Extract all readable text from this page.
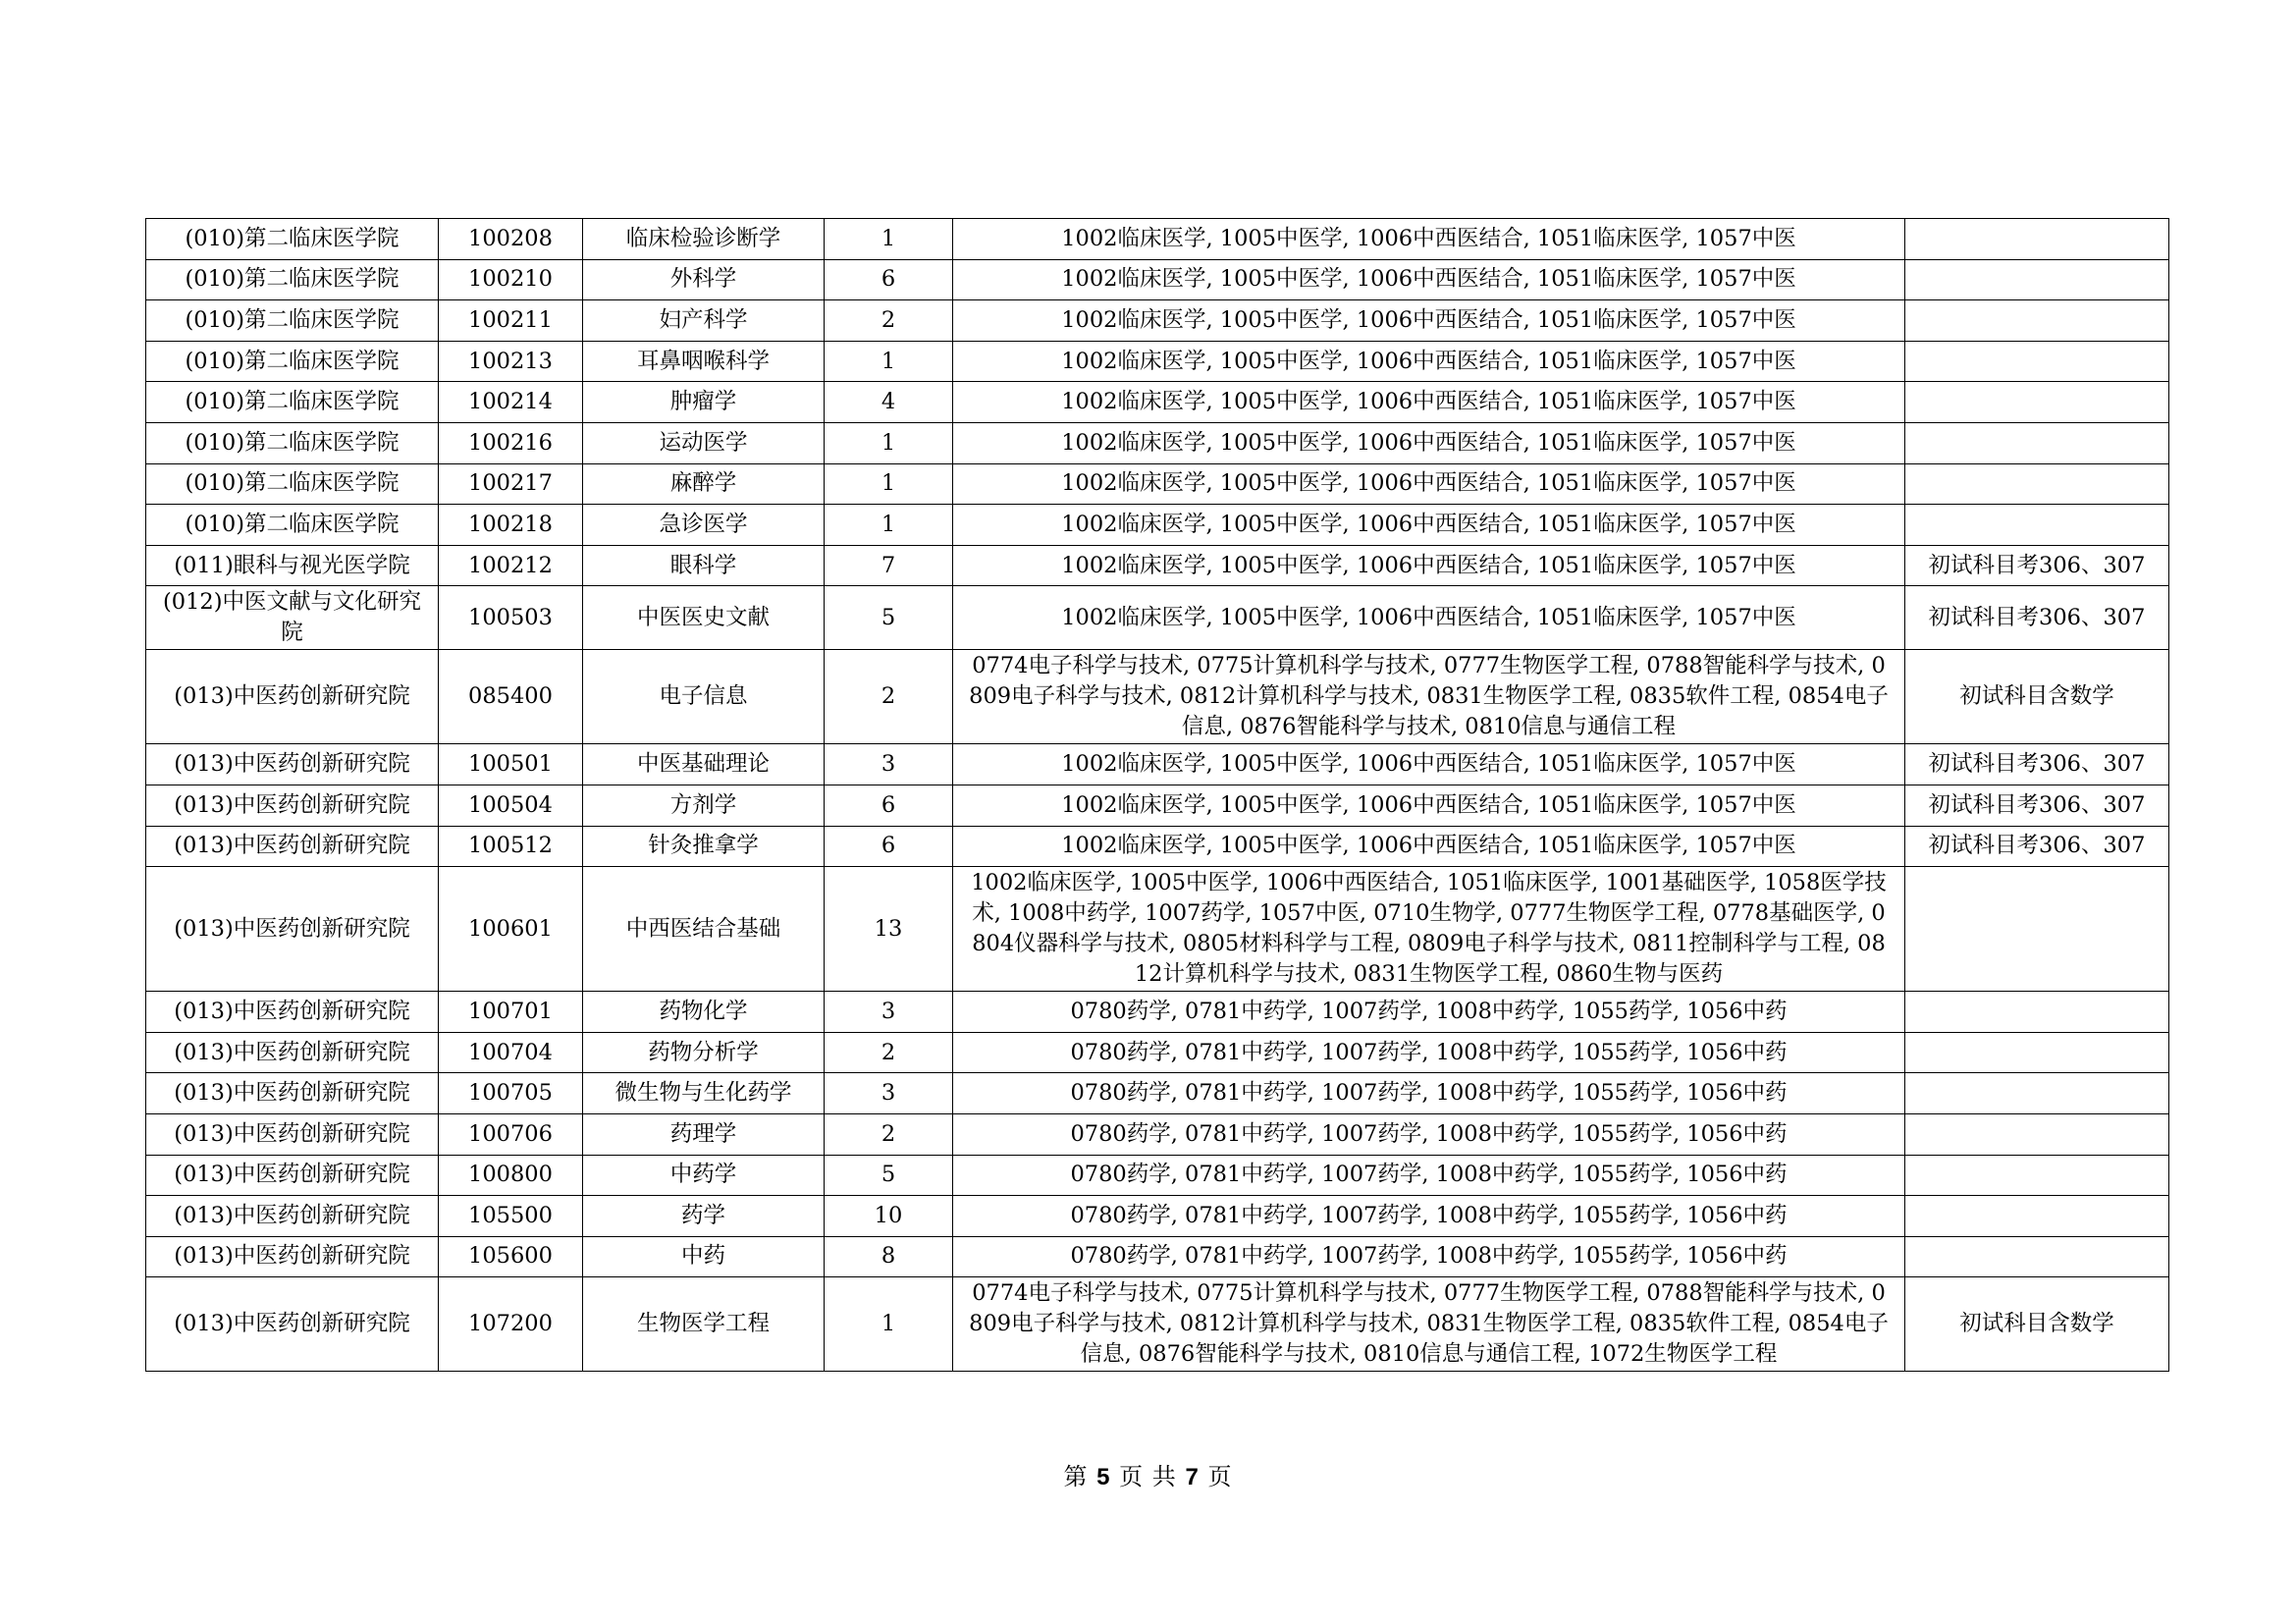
(010)第二临床医学院	100208	临床检验诊断学	1	1002临床医学, 1005中医学, 1006中西医结合, 1051临床医学, 1057中医	
(010)第二临床医学院	100210	外科学	6	1002临床医学, 1005中医学, 1006中西医结合, 1051临床医学, 1057中医	
(010)第二临床医学院	100211	妇产科学	2	1002临床医学, 1005中医学, 1006中西医结合, 1051临床医学, 1057中医	
(010)第二临床医学院	100213	耳鼻咽喉科学	1	1002临床医学, 1005中医学, 1006中西医结合, 1051临床医学, 1057中医	
(010)第二临床医学院	100214	肿瘤学	4	1002临床医学, 1005中医学, 1006中西医结合, 1051临床医学, 1057中医	
(010)第二临床医学院	100216	运动医学	1	1002临床医学, 1005中医学, 1006中西医结合, 1051临床医学, 1057中医	
(010)第二临床医学院	100217	麻醉学	1	1002临床医学, 1005中医学, 1006中西医结合, 1051临床医学, 1057中医	
(010)第二临床医学院	100218	急诊医学	1	1002临床医学, 1005中医学, 1006中西医结合, 1051临床医学, 1057中医	
(011)眼科与视光医学院	100212	眼科学	7	1002临床医学, 1005中医学, 1006中西医结合, 1051临床医学, 1057中医	初试科目考306、307
(012)中医文献与文化研究院	100503	中医医史文献	5	1002临床医学, 1005中医学, 1006中西医结合, 1051临床医学, 1057中医	初试科目考306、307
(013)中医药创新研究院	085400	电子信息	2	0774电子科学与技术, 0775计算机科学与技术, 0777生物医学工程, 0788智能科学与技术, 0809电子科学与技术, 0812计算机科学与技术, 0831生物医学工程, 0835软件工程, 0854电子信息, 0876智能科学与技术, 0810信息与通信工程	初试科目含数学
(013)中医药创新研究院	100501	中医基础理论	3	1002临床医学, 1005中医学, 1006中西医结合, 1051临床医学, 1057中医	初试科目考306、307
(013)中医药创新研究院	100504	方剂学	6	1002临床医学, 1005中医学, 1006中西医结合, 1051临床医学, 1057中医	初试科目考306、307
(013)中医药创新研究院	100512	针灸推拿学	6	1002临床医学, 1005中医学, 1006中西医结合, 1051临床医学, 1057中医	初试科目考306、307
(013)中医药创新研究院	100601	中西医结合基础	13	1002临床医学, 1005中医学, 1006中西医结合, 1051临床医学, 1001基础医学, 1058医学技术, 1008中药学, 1007药学, 1057中医, 0710生物学, 0777生物医学工程, 0778基础医学, 0804仪器科学与技术, 0805材料科学与工程, 0809电子科学与技术, 0811控制科学与工程, 0812计算机科学与技术, 0831生物医学工程, 0860生物与医药	
(013)中医药创新研究院	100701	药物化学	3	0780药学, 0781中药学, 1007药学, 1008中药学, 1055药学, 1056中药	
(013)中医药创新研究院	100704	药物分析学	2	0780药学, 0781中药学, 1007药学, 1008中药学, 1055药学, 1056中药	
(013)中医药创新研究院	100705	微生物与生化药学	3	0780药学, 0781中药学, 1007药学, 1008中药学, 1055药学, 1056中药	
(013)中医药创新研究院	100706	药理学	2	0780药学, 0781中药学, 1007药学, 1008中药学, 1055药学, 1056中药	
(013)中医药创新研究院	100800	中药学	5	0780药学, 0781中药学, 1007药学, 1008中药学, 1055药学, 1056中药	
(013)中医药创新研究院	105500	药学	10	0780药学, 0781中药学, 1007药学, 1008中药学, 1055药学, 1056中药	
(013)中医药创新研究院	105600	中药	8	0780药学, 0781中药学, 1007药学, 1008中药学, 1055药学, 1056中药	
(013)中医药创新研究院	107200	生物医学工程	1	0774电子科学与技术, 0775计算机科学与技术, 0777生物医学工程, 0788智能科学与技术, 0809电子科学与技术, 0812计算机科学与技术, 0831生物医学工程, 0835软件工程, 0854电子信息, 0876智能科学与技术, 0810信息与通信工程, 1072生物医学工程	初试科目含数学
第 5 页 共 7 页
